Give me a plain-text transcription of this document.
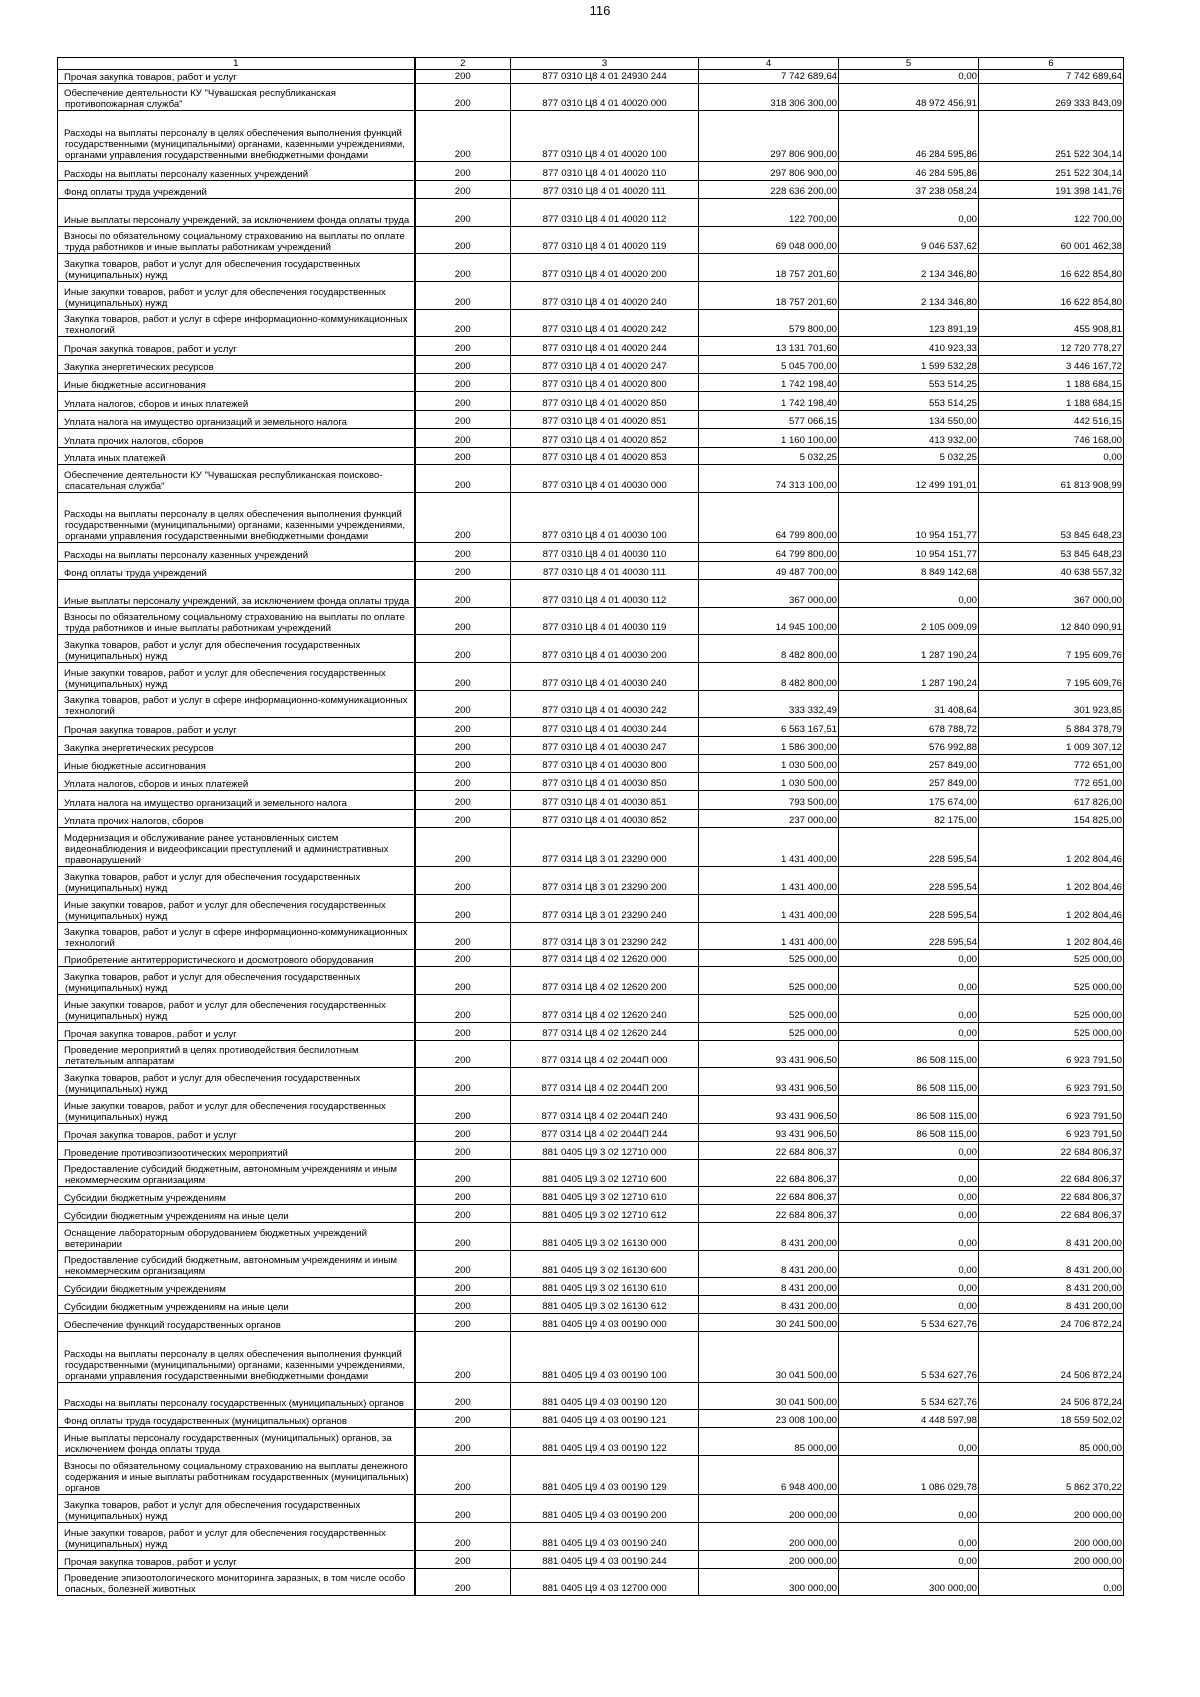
116
1	2	3	4	5	6
Прочая закупка товаров, работ и услуг	200	877 0310 Ц8 4 01 24930 244	7 742 689,64	0,00	7 742 689,64
Обеспечение деятельности КУ "Чувашская республиканская противопожарная служба"	200	877 0310 Ц8 4 01 40020 000	318 306 300,00	48 972 456,91	269 333 843,09
Расходы на выплаты персоналу в целях обеспечения выполнения функций государственными (муниципальными) органами, казенными учреждениями, органами управления государственными внебюджетными фондами	200	877 0310 Ц8 4 01 40020 100	297 806 900,00	46 284 595,86	251 522 304,14
Расходы на выплаты персоналу казенных учреждений	200	877 0310 Ц8 4 01 40020 110	297 806 900,00	46 284 595,86	251 522 304,14
Фонд оплаты труда учреждений	200	877 0310 Ц8 4 01 40020 111	228 636 200,00	37 238 058,24	191 398 141,76
Иные выплаты персоналу учреждений, за исключением фонда оплаты труда	200	877 0310 Ц8 4 01 40020 112	122 700,00	0,00	122 700,00
Взносы по обязательному социальному страхованию на выплаты по оплате труда работников и иные выплаты работникам учреждений	200	877 0310 Ц8 4 01 40020 119	69 048 000,00	9 046 537,62	60 001 462,38
Закупка товаров, работ и услуг для обеспечения государственных (муниципальных) нужд	200	877 0310 Ц8 4 01 40020 200	18 757 201,60	2 134 346,80	16 622 854,80
Иные закупки товаров, работ и услуг для обеспечения государственных (муниципальных) нужд	200	877 0310 Ц8 4 01 40020 240	18 757 201,60	2 134 346,80	16 622 854,80
Закупка товаров, работ и услуг в сфере информационно-коммуникационных технологий	200	877 0310 Ц8 4 01 40020 242	579 800,00	123 891,19	455 908,81
Прочая закупка товаров, работ и услуг	200	877 0310 Ц8 4 01 40020 244	13 131 701,60	410 923,33	12 720 778,27
Закупка энергетических ресурсов	200	877 0310 Ц8 4 01 40020 247	5 045 700,00	1 599 532,28	3 446 167,72
Иные бюджетные ассигнования	200	877 0310 Ц8 4 01 40020 800	1 742 198,40	553 514,25	1 188 684,15
Уплата налогов, сборов и иных платежей	200	877 0310 Ц8 4 01 40020 850	1 742 198,40	553 514,25	1 188 684,15
Уплата налога на имущество организаций и земельного налога	200	877 0310 Ц8 4 01 40020 851	577 066,15	134 550,00	442 516,15
Уплата прочих налогов, сборов	200	877 0310 Ц8 4 01 40020 852	1 160 100,00	413 932,00	746 168,00
Уплата иных платежей	200	877 0310 Ц8 4 01 40020 853	5 032,25	5 032,25	0,00
Обеспечение деятельности КУ "Чувашская республиканская поисково-спасательная служба"	200	877 0310 Ц8 4 01 40030 000	74 313 100,00	12 499 191,01	61 813 908,99
Расходы на выплаты персоналу в целях обеспечения выполнения функций государственными (муниципальными) органами, казенными учреждениями, органами управления государственными внебюджетными фондами	200	877 0310 Ц8 4 01 40030 100	64 799 800,00	10 954 151,77	53 845 648,23
Расходы на выплаты персоналу казенных учреждений	200	877 0310 Ц8 4 01 40030 110	64 799 800,00	10 954 151,77	53 845 648,23
Фонд оплаты труда учреждений	200	877 0310 Ц8 4 01 40030 111	49 487 700,00	8 849 142,68	40 638 557,32
Иные выплаты персоналу учреждений, за исключением фонда оплаты труда	200	877 0310 Ц8 4 01 40030 112	367 000,00	0,00	367 000,00
Взносы по обязательному социальному страхованию на выплаты по оплате труда работников и иные выплаты работникам учреждений	200	877 0310 Ц8 4 01 40030 119	14 945 100,00	2 105 009,09	12 840 090,91
Закупка товаров, работ и услуг для обеспечения государственных (муниципальных) нужд	200	877 0310 Ц8 4 01 40030 200	8 482 800,00	1 287 190,24	7 195 609,76
Иные закупки товаров, работ и услуг для обеспечения государственных (муниципальных) нужд	200	877 0310 Ц8 4 01 40030 240	8 482 800,00	1 287 190,24	7 195 609,76
Закупка товаров, работ и услуг в сфере информационно-коммуникационных технологий	200	877 0310 Ц8 4 01 40030 242	333 332,49	31 408,64	301 923,85
Прочая закупка товаров, работ и услуг	200	877 0310 Ц8 4 01 40030 244	6 563 167,51	678 788,72	5 884 378,79
Закупка энергетических ресурсов	200	877 0310 Ц8 4 01 40030 247	1 586 300,00	576 992,88	1 009 307,12
Иные бюджетные ассигнования	200	877 0310 Ц8 4 01 40030 800	1 030 500,00	257 849,00	772 651,00
Уплата налогов, сборов и иных платежей	200	877 0310 Ц8 4 01 40030 850	1 030 500,00	257 849,00	772 651,00
Уплата налога на имущество организаций и земельного налога	200	877 0310 Ц8 4 01 40030 851	793 500,00	175 674,00	617 826,00
Уплата прочих налогов, сборов	200	877 0310 Ц8 4 01 40030 852	237 000,00	82 175,00	154 825,00
Модернизация и обслуживание ранее установленных систем видеонаблюдения и видеофиксации преступлений и административных правонарушений	200	877 0314 Ц8 3 01 23290 000	1 431 400,00	228 595,54	1 202 804,46
Закупка товаров, работ и услуг для обеспечения государственных (муниципальных) нужд	200	877 0314 Ц8 3 01 23290 200	1 431 400,00	228 595,54	1 202 804,46
Иные закупки товаров, работ и услуг для обеспечения государственных (муниципальных) нужд	200	877 0314 Ц8 3 01 23290 240	1 431 400,00	228 595,54	1 202 804,46
Закупка товаров, работ и услуг в сфере информационно-коммуникационных технологий	200	877 0314 Ц8 3 01 23290 242	1 431 400,00	228 595,54	1 202 804,46
Приобретение антитеррористического и досмотрового оборудования	200	877 0314 Ц8 4 02 12620 000	525 000,00	0,00	525 000,00
Закупка товаров, работ и услуг для обеспечения государственных (муниципальных) нужд	200	877 0314 Ц8 4 02 12620 200	525 000,00	0,00	525 000,00
Иные закупки товаров, работ и услуг для обеспечения государственных (муниципальных) нужд	200	877 0314 Ц8 4 02 12620 240	525 000,00	0,00	525 000,00
Прочая закупка товаров, работ и услуг	200	877 0314 Ц8 4 02 12620 244	525 000,00	0,00	525 000,00
Проведение мероприятий в целях противодействия беспилотным летательным аппаратам	200	877 0314 Ц8 4 02 2044П 000	93 431 906,50	86 508 115,00	6 923 791,50
Закупка товаров, работ и услуг для обеспечения государственных (муниципальных) нужд	200	877 0314 Ц8 4 02 2044П 200	93 431 906,50	86 508 115,00	6 923 791,50
Иные закупки товаров, работ и услуг для обеспечения государственных (муниципальных) нужд	200	877 0314 Ц8 4 02 2044П 240	93 431 906,50	86 508 115,00	6 923 791,50
Прочая закупка товаров, работ и услуг	200	877 0314 Ц8 4 02 2044П 244	93 431 906,50	86 508 115,00	6 923 791,50
Проведение противоэпизоотических мероприятий	200	881 0405 Ц9 3 02 12710 000	22 684 806,37	0,00	22 684 806,37
Предоставление субсидий бюджетным, автономным учреждениям и иным некоммерческим организациям	200	881 0405 Ц9 3 02 12710 600	22 684 806,37	0,00	22 684 806,37
Субсидии бюджетным учреждениям	200	881 0405 Ц9 3 02 12710 610	22 684 806,37	0,00	22 684 806,37
Субсидии бюджетным учреждениям на иные цели	200	881 0405 Ц9 3 02 12710 612	22 684 806,37	0,00	22 684 806,37
Оснащение лабораторным оборудованием бюджетных учреждений ветеринарии	200	881 0405 Ц9 3 02 16130 000	8 431 200,00	0,00	8 431 200,00
Предоставление субсидий бюджетным, автономным учреждениям и иным некоммерческим организациям	200	881 0405 Ц9 3 02 16130 600	8 431 200,00	0,00	8 431 200,00
Субсидии бюджетным учреждениям	200	881 0405 Ц9 3 02 16130 610	8 431 200,00	0,00	8 431 200,00
Субсидии бюджетным учреждениям на иные цели	200	881 0405 Ц9 3 02 16130 612	8 431 200,00	0,00	8 431 200,00
Обеспечение функций государственных органов	200	881 0405 Ц9 4 03 00190 000	30 241 500,00	5 534 627,76	24 706 872,24
Расходы на выплаты персоналу в целях обеспечения выполнения функций государственными (муниципальными) органами, казенными учреждениями, органами управления государственными внебюджетными фондами	200	881 0405 Ц9 4 03 00190 100	30 041 500,00	5 534 627,76	24 506 872,24
Расходы на выплаты персоналу государственных (муниципальных) органов	200	881 0405 Ц9 4 03 00190 120	30 041 500,00	5 534 627,76	24 506 872,24
Фонд оплаты труда государственных (муниципальных) органов	200	881 0405 Ц9 4 03 00190 121	23 008 100,00	4 448 597,98	18 559 502,02
Иные выплаты персоналу государственных (муниципальных) органов, за исключением фонда оплаты труда	200	881 0405 Ц9 4 03 00190 122	85 000,00	0,00	85 000,00
Взносы по обязательному социальному страхованию на выплаты денежного содержания и иные выплаты работникам государственных (муниципальных) органов	200	881 0405 Ц9 4 03 00190 129	6 948 400,00	1 086 029,78	5 862 370,22
Закупка товаров, работ и услуг для обеспечения государственных (муниципальных) нужд	200	881 0405 Ц9 4 03 00190 200	200 000,00	0,00	200 000,00
Иные закупки товаров, работ и услуг для обеспечения государственных (муниципальных) нужд	200	881 0405 Ц9 4 03 00190 240	200 000,00	0,00	200 000,00
Прочая закупка товаров, работ и услуг	200	881 0405 Ц9 4 03 00190 244	200 000,00	0,00	200 000,00
Проведение эпизоотологического мониторинга заразных, в том числе особо опасных, болезней животных	200	881 0405 Ц9 4 03 12700 000	300 000,00	300 000,00	0,00
